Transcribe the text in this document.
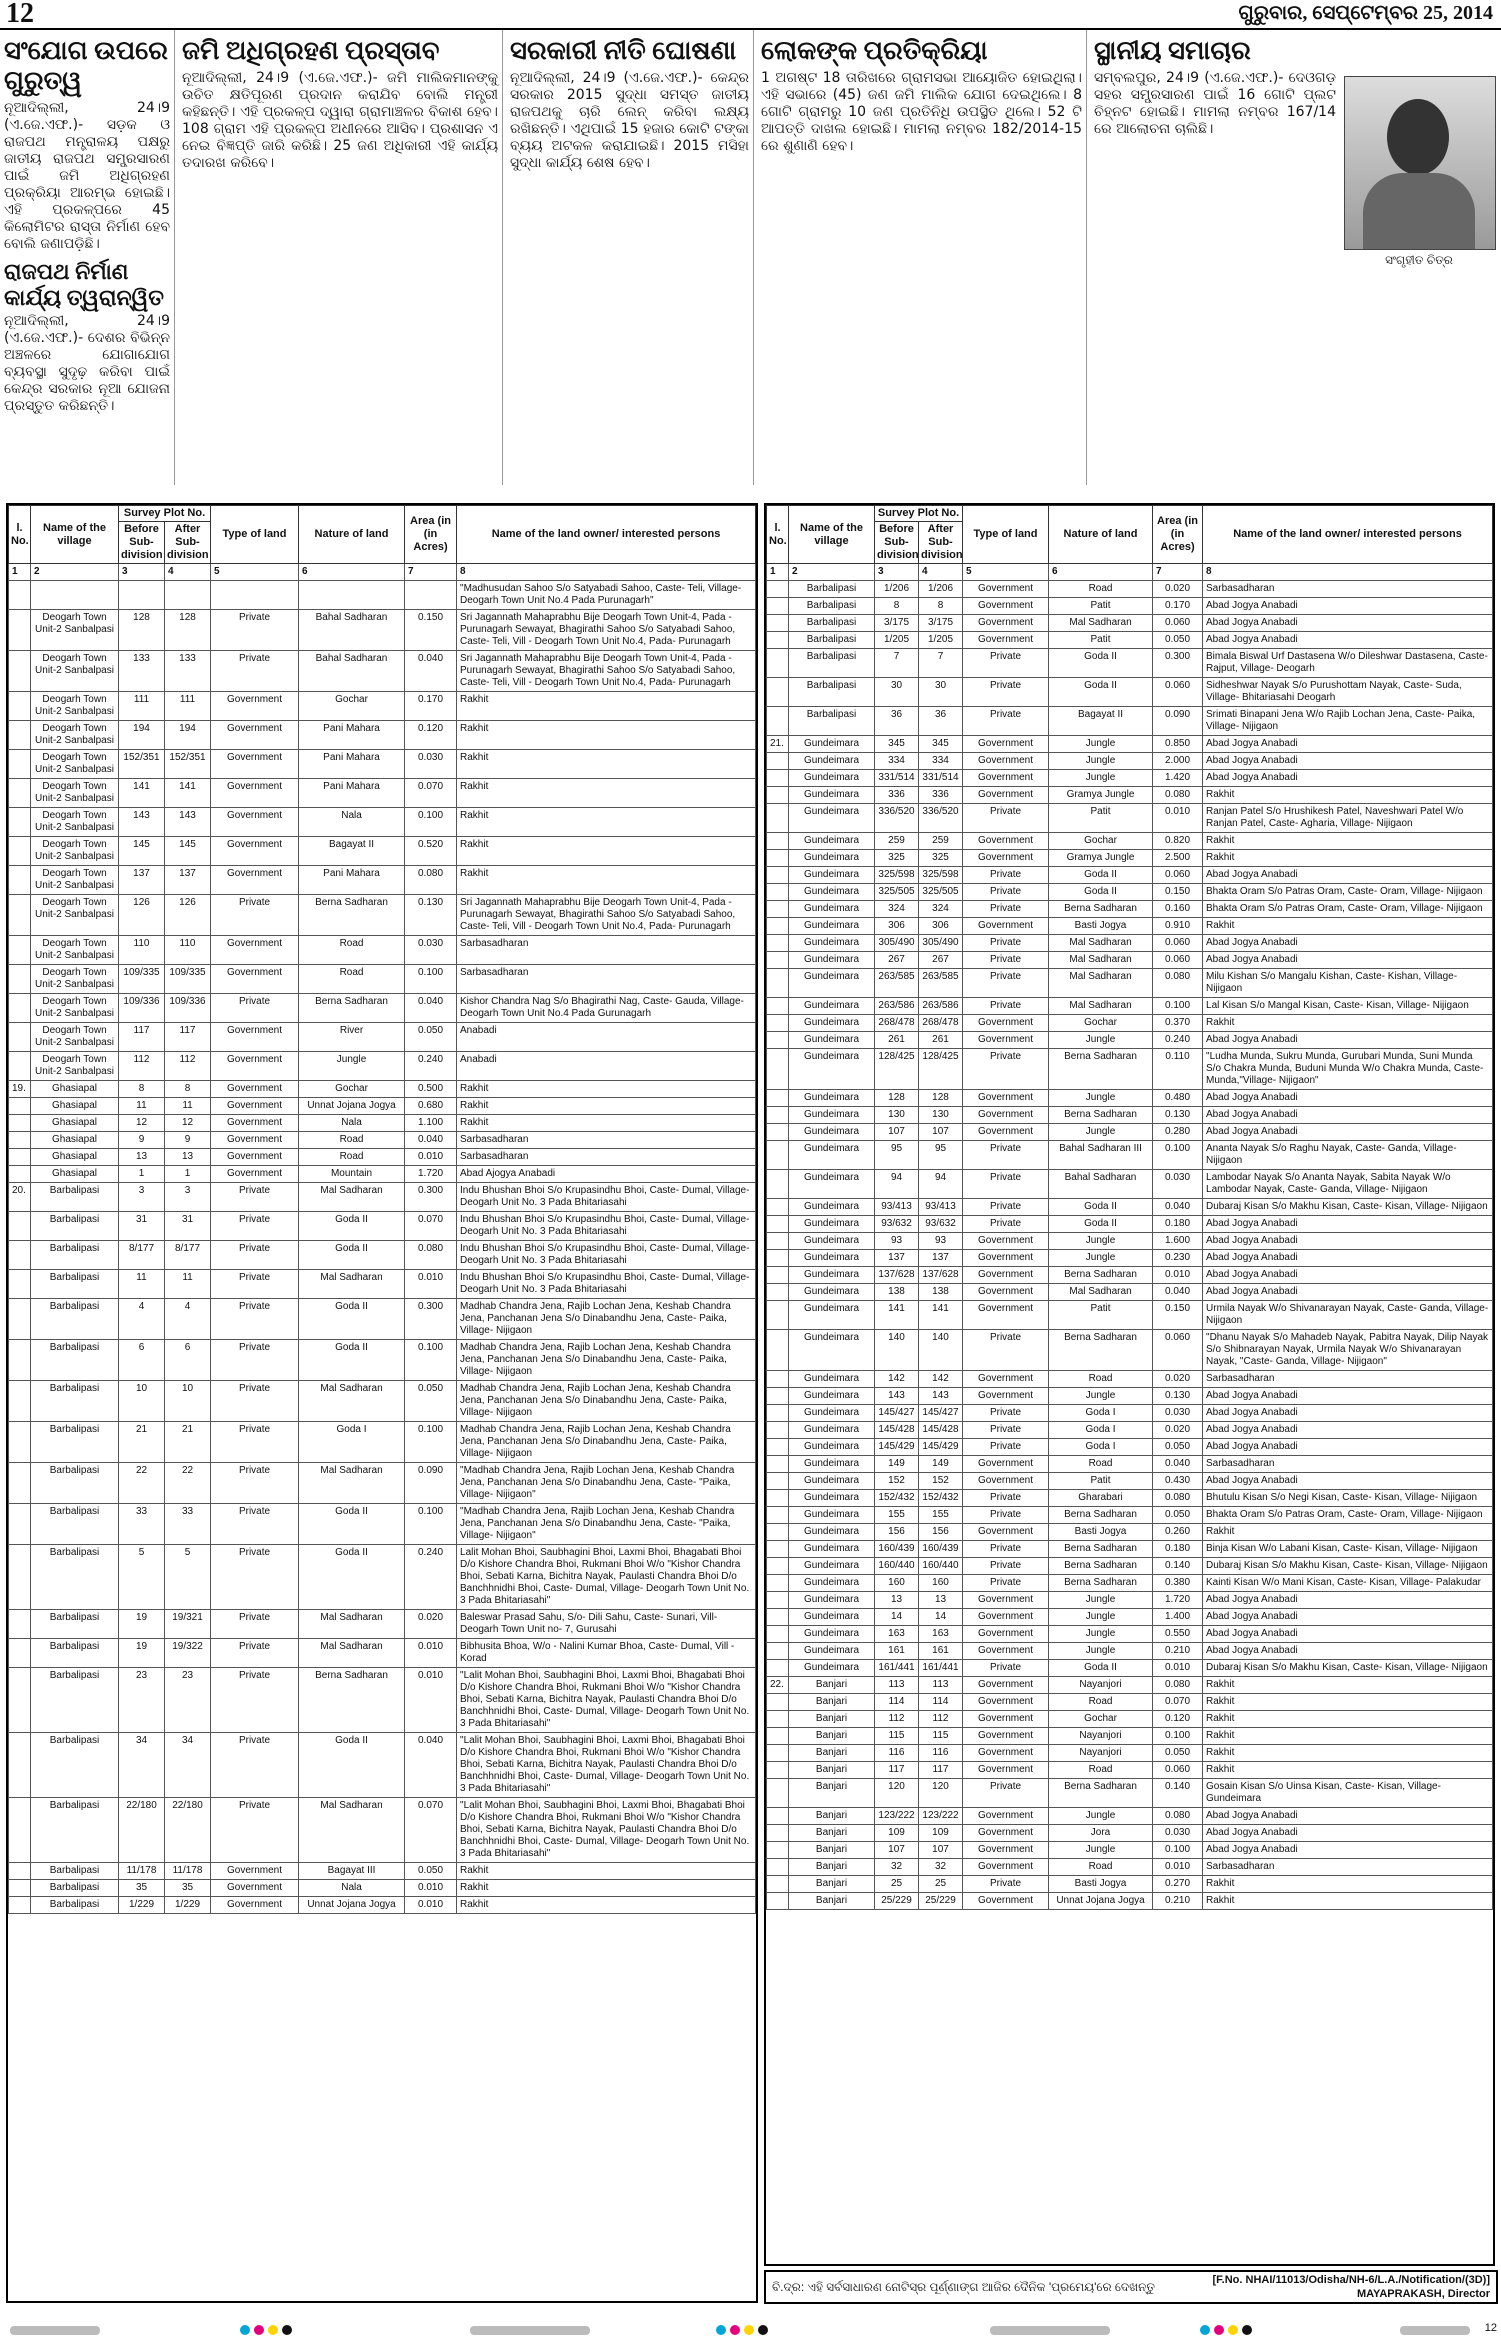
12	ଗୁରୁବାର, ସେପ୍ଟେମ୍ବର 25, 2014
ସଂଯୋଗ ଉପରେ ଗୁରୁତ୍ୱ

ନୂଆଦିଲ୍ଲୀ, 24।9 (ଏ.ଜେ.ଏଫ.)- ସଡ଼କ ଓ ରାଜପଥ ମନ୍ତ୍ରାଳୟ ପକ୍ଷରୁ ଜାତୀୟ ରାଜପଥ ସମ୍ପ୍ରସାରଣ ପାଇଁ ଜମି ଅଧିଗ୍ରହଣ ପ୍ରକ୍ରିୟା ଆରମ୍ଭ ହୋଇଛି। ଏହି ପ୍ରକଳ୍ପରେ 45 କିଲୋମିଟର ରାସ୍ତା ନିର୍ମାଣ ହେବ ବୋଲି ଜଣାପଡ଼ିଛି।

ରାଜପଥ ନିର୍ମାଣ କାର୍ଯ୍ୟ ତ୍ୱରାନ୍ୱିତ

ନୂଆଦିଲ୍ଲୀ, 24।9 (ଏ.ଜେ.ଏଫ.)- ଦେଶର ବିଭିନ୍ନ ଅଞ୍ଚଳରେ ଯୋଗାଯୋଗ ବ୍ୟବସ୍ଥା ସୁଦୃଢ଼ କରିବା ପାଇଁ କେନ୍ଦ୍ର ସରକାର ନୂଆ ଯୋଜନା ପ୍ରସ୍ତୁତ କରିଛନ୍ତି।

ଜମି ଅଧିଗ୍ରହଣ ପ୍ରସ୍ତାବ

ନୂଆଦିଲ୍ଲୀ, 24।9 (ଏ.ଜେ.ଏଫ.)- ଜମି ମାଲିକମାନଙ୍କୁ ଉଚିତ କ୍ଷତିପୂରଣ ପ୍ରଦାନ କରାଯିବ ବୋଲି ମନ୍ତ୍ରୀ କହିଛନ୍ତି। ଏହି ପ୍ରକଳ୍ପ ଦ୍ୱାରା ଗ୍ରାମାଞ୍ଚଳର ବିକାଶ ହେବ। 108 ଗ୍ରାମ ଏହି ପ୍ରକଳ୍ପ ଅଧୀନରେ ଆସିବ। ପ୍ରଶାସନ ଏ ନେଇ ବିଜ୍ଞପ୍ତି ଜାରି କରିଛି। 25 ଜଣ ଅଧିକାରୀ ଏହି କାର୍ଯ୍ୟ ତଦାରଖ କରିବେ।

ସରକାରୀ ନୀତି ଘୋଷଣା

ନୂଆଦିଲ୍ଲୀ, 24।9 (ଏ.ଜେ.ଏଫ.)- କେନ୍ଦ୍ର ସରକାର 2015 ସୁଦ୍ଧା ସମସ୍ତ ଜାତୀୟ ରାଜପଥକୁ ଚାରି ଲେନ୍ କରିବା ଲକ୍ଷ୍ୟ ରଖିଛନ୍ତି। ଏଥିପାଇଁ 15 ହଜାର କୋଟି ଟଙ୍କା ବ୍ୟୟ ଅଟକଳ କରାଯାଇଛି। 2015 ମସିହା ସୁଦ୍ଧା କାର୍ଯ୍ୟ ଶେଷ ହେବ।

ଲୋକଙ୍କ ପ୍ରତିକ୍ରିୟା

1 ଅଗଷ୍ଟ 18 ତାରିଖରେ ଗ୍ରାମସଭା ଆୟୋଜିତ ହୋଇଥିଲା। ଏହି ସଭାରେ (45) ଜଣ ଜମି ମାଲିକ ଯୋଗ ଦେଇଥିଲେ। 8 ଗୋଟି ଗ୍ରାମରୁ 10 ଜଣ ପ୍ରତିନିଧି ଉପସ୍ଥିତ ଥିଲେ। 52 ଟି ଆପତ୍ତି ଦାଖଲ ହୋଇଛି। ମାମଲା ନମ୍ବର 182/2014-15 ରେ ଶୁଣାଣି ହେବ।

ସ୍ଥାନୀୟ ସମାଚାର

ସମ୍ବଲପୁର, 24।9 (ଏ.ଜେ.ଏଫ.)- ଦେଓଗଡ଼ ସହର ସମ୍ପ୍ରସାରଣ ପାଇଁ 16 ଗୋଟି ପ୍ଲଟ ଚିହ୍ନଟ ହୋଇଛି। ମାମଲା ନମ୍ବର 167/14 ରେ ଆଲୋଚନା ଚାଲିଛି।

ସଂଗୃହୀତ ଚିତ୍ର
l. No.	Name of the village	Survey Plot No.		Type of land	Nature of land	Area (in (in Acres)	Name of the land owner/ interested persons
		Before Sub-division	After Sub-division				
1	2	3	4	5	6	7	8
							"Madhusudan Sahoo S/o Satyabadi Sahoo, Caste- Teli, Village- Deogarh Town Unit No.4 Pada Purunagarh"
	Deogarh Town Unit-2 Sanbalpasi	128	128	Private	Bahal Sadharan	0.150	Sri Jagannath Mahaprabhu Bije Deogarh Town Unit-4, Pada - Purunagarh Sewayat, Bhagirathi Sahoo S/o Satyabadi Sahoo, Caste- Teli, Vill - Deogarh Town Unit No.4, Pada- Purunagarh
	Deogarh Town Unit-2 Sanbalpasi	133	133	Private	Bahal Sadharan	0.040	Sri Jagannath Mahaprabhu Bije Deogarh Town Unit-4, Pada - Purunagarh Sewayat, Bhagirathi Sahoo S/o Satyabadi Sahoo, Caste- Teli, Vill - Deogarh Town Unit No.4, Pada- Purunagarh
	Deogarh Town Unit-2 Sanbalpasi	111	111	Government	Gochar	0.170	Rakhit
	Deogarh Town Unit-2 Sanbalpasi	194	194	Government	Pani Mahara	0.120	Rakhit
	Deogarh Town Unit-2 Sanbalpasi	152/351	152/351	Government	Pani Mahara	0.030	Rakhit
	Deogarh Town Unit-2 Sanbalpasi	141	141	Government	Pani Mahara	0.070	Rakhit
	Deogarh Town Unit-2 Sanbalpasi	143	143	Government	Nala	0.100	Rakhit
	Deogarh Town Unit-2 Sanbalpasi	145	145	Government	Bagayat II	0.520	Rakhit
	Deogarh Town Unit-2 Sanbalpasi	137	137	Government	Pani Mahara	0.080	Rakhit
	Deogarh Town Unit-2 Sanbalpasi	126	126	Private	Berna Sadharan	0.130	Sri Jagannath Mahaprabhu Bije Deogarh Town Unit-4, Pada - Purunagarh Sewayat, Bhagirathi Sahoo S/o Satyabadi Sahoo, Caste- Teli, Vill - Deogarh Town Unit No.4, Pada- Purunagarh
	Deogarh Town Unit-2 Sanbalpasi	110	110	Government	Road	0.030	Sarbasadharan
	Deogarh Town Unit-2 Sanbalpasi	109/335	109/335	Government	Road	0.100	Sarbasadharan
	Deogarh Town Unit-2 Sanbalpasi	109/336	109/336	Private	Berna Sadharan	0.040	Kishor Chandra Nag S/o Bhagirathi Nag, Caste- Gauda, Village- Deogarh Town Unit No.4 Pada Gurunagarh
	Deogarh Town Unit-2 Sanbalpasi	117	117	Government	River	0.050	Anabadi
	Deogarh Town Unit-2 Sanbalpasi	112	112	Government	Jungle	0.240	Anabadi
19.	Ghasiapal	8	8	Government	Gochar	0.500	Rakhit
	Ghasiapal	11	11	Government	Unnat Jojana Jogya	0.680	Rakhit
	Ghasiapal	12	12	Government	Nala	1.100	Rakhit
	Ghasiapal	9	9	Government	Road	0.040	Sarbasadharan
	Ghasiapal	13	13	Government	Road	0.010	Sarbasadharan
	Ghasiapal	1	1	Government	Mountain	1.720	Abad Ajogya Anabadi
20.	Barbalipasi	3	3	Private	Mal Sadharan	0.300	Indu Bhushan Bhoi S/o Krupasindhu Bhoi, Caste- Dumal, Village- Deogarh Unit No. 3 Pada Bhitariasahi
	Barbalipasi	31	31	Private	Goda II	0.070	Indu Bhushan Bhoi S/o Krupasindhu Bhoi, Caste- Dumal, Village- Deogarh Unit No. 3 Pada Bhitariasahi
	Barbalipasi	8/177	8/177	Private	Goda II	0.080	Indu Bhushan Bhoi S/o Krupasindhu Bhoi, Caste- Dumal, Village- Deogarh Unit No. 3 Pada Bhitariasahi
	Barbalipasi	11	11	Private	Mal Sadharan	0.010	Indu Bhushan Bhoi S/o Krupasindhu Bhoi, Caste- Dumal, Village- Deogarh Unit No. 3 Pada Bhitariasahi
	Barbalipasi	4	4	Private	Goda II	0.300	Madhab Chandra Jena, Rajib Lochan Jena, Keshab Chandra Jena, Panchanan Jena S/o Dinabandhu Jena, Caste- Paika, Village- Nijigaon
	Barbalipasi	6	6	Private	Goda II	0.100	Madhab Chandra Jena, Rajib Lochan Jena, Keshab Chandra Jena, Panchanan Jena S/o Dinabandhu Jena, Caste- Paika, Village- Nijigaon
	Barbalipasi	10	10	Private	Mal Sadharan	0.050	Madhab Chandra Jena, Rajib Lochan Jena, Keshab Chandra Jena, Panchanan Jena S/o Dinabandhu Jena, Caste- Paika, Village- Nijigaon
	Barbalipasi	21	21	Private	Goda I	0.100	Madhab Chandra Jena, Rajib Lochan Jena, Keshab Chandra Jena, Panchanan Jena S/o Dinabandhu Jena, Caste- Paika, Village- Nijigaon
	Barbalipasi	22	22	Private	Mal Sadharan	0.090	"Madhab Chandra Jena, Rajib Lochan Jena, Keshab Chandra Jena, Panchanan Jena S/o Dinabandhu Jena, Caste- "Paika, Village- Nijigaon"
	Barbalipasi	33	33	Private	Goda II	0.100	"Madhab Chandra Jena, Rajib Lochan Jena, Keshab Chandra Jena, Panchanan Jena S/o Dinabandhu Jena, Caste- "Paika, Village- Nijigaon"
	Barbalipasi	5	5	Private	Goda II	0.240	Lalit Mohan Bhoi, Saubhagini Bhoi, Laxmi Bhoi, Bhagabati Bhoi D/o Kishore Chandra Bhoi, Rukmani Bhoi W/o "Kishor Chandra Bhoi, Sebati Karna, Bichitra Nayak, Paulasti Chandra Bhoi D/o Banchhnidhi Bhoi, Caste- Dumal, Village- Deogarh Town Unit No. 3 Pada Bhitariasahi"
	Barbalipasi	19	19/321	Private	Mal Sadharan	0.020	Baleswar Prasad Sahu, S/o- Dili Sahu, Caste- Sunari, Vill- Deogarh Town Unit no- 7, Gurusahi
	Barbalipasi	19	19/322	Private	Mal Sadharan	0.010	Bibhusita Bhoa, W/o - Nalini Kumar Bhoa, Caste- Dumal, Vill - Korad
	Barbalipasi	23	23	Private	Berna Sadharan	0.010	"Lalit Mohan Bhoi, Saubhagini Bhoi, Laxmi Bhoi, Bhagabati Bhoi D/o Kishore Chandra Bhoi, Rukmani Bhoi W/o "Kishor Chandra Bhoi, Sebati Karna, Bichitra Nayak, Paulasti Chandra Bhoi D/o Banchhnidhi Bhoi, Caste- Dumal, Village- Deogarh Town Unit No. 3 Pada Bhitariasahi"
	Barbalipasi	34	34	Private	Goda II	0.040	"Lalit Mohan Bhoi, Saubhagini Bhoi, Laxmi Bhoi, Bhagabati Bhoi D/o Kishore Chandra Bhoi, Rukmani Bhoi W/o "Kishor Chandra Bhoi, Sebati Karna, Bichitra Nayak, Paulasti Chandra Bhoi D/o Banchhnidhi Bhoi, Caste- Dumal, Village- Deogarh Town Unit No. 3 Pada Bhitariasahi"
	Barbalipasi	22/180	22/180	Private	Mal Sadharan	0.070	"Lalit Mohan Bhoi, Saubhagini Bhoi, Laxmi Bhoi, Bhagabati Bhoi D/o Kishore Chandra Bhoi, Rukmani Bhoi W/o "Kishor Chandra Bhoi, Sebati Karna, Bichitra Nayak, Paulasti Chandra Bhoi D/o Banchhnidhi Bhoi, Caste- Dumal, Village- Deogarh Town Unit No. 3 Pada Bhitariasahi"
	Barbalipasi	11/178	11/178	Government	Bagayat III	0.050	Rakhit
	Barbalipasi	35	35	Government	Nala	0.010	Rakhit
	Barbalipasi	1/229	1/229	Government	Unnat Jojana Jogya	0.010	Rakhit
l. No.	Name of the village	Survey Plot No.		Type of land	Nature of land	Area (in (in Acres)	Name of the land owner/ interested persons
		Before Sub-division	After Sub-division				
1	2	3	4	5	6	7	8
	Barbalipasi	1/206	1/206	Government	Road	0.020	Sarbasadharan
	Barbalipasi	8	8	Government	Patit	0.170	Abad Jogya Anabadi
	Barbalipasi	3/175	3/175	Government	Mal Sadharan	0.060	Abad Jogya Anabadi
	Barbalipasi	1/205	1/205	Government	Patit	0.050	Abad Jogya Anabadi
	Barbalipasi	7	7	Private	Goda II	0.300	Bimala Biswal Urf Dastasena W/o Dileshwar Dastasena, Caste- Rajput, Village- Deogarh
	Barbalipasi	30	30	Private	Goda II	0.060	Sidheshwar Nayak S/o Purushottam Nayak, Caste- Suda, Village- Bhitariasahi Deogarh
	Barbalipasi	36	36	Private	Bagayat II	0.090	Srimati Binapani Jena W/o Rajib Lochan Jena, Caste- Paika, Village- Nijigaon
21.	Gundeimara	345	345	Government	Jungle	0.850	Abad Jogya Anabadi
	Gundeimara	334	334	Government	Jungle	2.000	Abad Jogya Anabadi
	Gundeimara	331/514	331/514	Government	Jungle	1.420	Abad Jogya Anabadi
	Gundeimara	336	336	Government	Gramya Jungle	0.080	Rakhit
	Gundeimara	336/520	336/520	Private	Patit	0.010	Ranjan Patel S/o Hrushikesh Patel, Naveshwari Patel W/o Ranjan Patel, Caste- Agharia, Village- Nijigaon
	Gundeimara	259	259	Government	Gochar	0.820	Rakhit
	Gundeimara	325	325	Government	Gramya Jungle	2.500	Rakhit
	Gundeimara	325/598	325/598	Private	Goda II	0.060	Abad Jogya Anabadi
	Gundeimara	325/505	325/505	Private	Goda II	0.150	Bhakta Oram S/o Patras Oram, Caste- Oram, Village- Nijigaon
	Gundeimara	324	324	Private	Berna Sadharan	0.160	Bhakta Oram S/o Patras Oram, Caste- Oram, Village- Nijigaon
	Gundeimara	306	306	Government	Basti Jogya	0.910	Rakhit
	Gundeimara	305/490	305/490	Private	Mal Sadharan	0.060	Abad Jogya Anabadi
	Gundeimara	267	267	Private	Mal Sadharan	0.060	Abad Jogya Anabadi
	Gundeimara	263/585	263/585	Private	Mal Sadharan	0.080	Milu Kishan S/o Mangalu Kishan, Caste- Kishan, Village- Nijigaon
	Gundeimara	263/586	263/586	Private	Mal Sadharan	0.100	Lal Kisan S/o Mangal Kisan, Caste- Kisan, Village- Nijigaon
	Gundeimara	268/478	268/478	Government	Gochar	0.370	Rakhit
	Gundeimara	261	261	Government	Jungle	0.240	Abad Jogya Anabadi
	Gundeimara	128/425	128/425	Private	Berna Sadharan	0.110	"Ludha Munda, Sukru Munda, Gurubari Munda, Suni Munda S/o Chakra Munda, Buduni Munda W/o Chakra Munda, Caste- Munda,"Village- Nijigaon"
	Gundeimara	128	128	Government	Jungle	0.480	Abad Jogya Anabadi
	Gundeimara	130	130	Government	Berna Sadharan	0.130	Abad Jogya Anabadi
	Gundeimara	107	107	Government	Jungle	0.280	Abad Jogya Anabadi
	Gundeimara	95	95	Private	Bahal Sadharan III	0.100	Ananta Nayak S/o Raghu Nayak, Caste- Ganda, Village- Nijigaon
	Gundeimara	94	94	Private	Bahal Sadharan	0.030	Lambodar Nayak S/o Ananta Nayak, Sabita Nayak W/o Lambodar Nayak, Caste- Ganda, Village- Nijigaon
	Gundeimara	93/413	93/413	Private	Goda II	0.040	Dubaraj Kisan S/o Makhu Kisan, Caste- Kisan, Village- Nijigaon
	Gundeimara	93/632	93/632	Private	Goda II	0.180	Abad Jogya Anabadi
	Gundeimara	93	93	Government	Jungle	1.600	Abad Jogya Anabadi
	Gundeimara	137	137	Government	Jungle	0.230	Abad Jogya Anabadi
	Gundeimara	137/628	137/628	Government	Berna Sadharan	0.010	Abad Jogya Anabadi
	Gundeimara	138	138	Government	Mal Sadharan	0.040	Abad Jogya Anabadi
	Gundeimara	141	141	Government	Patit	0.150	Urmila Nayak W/o Shivanarayan Nayak, Caste- Ganda, Village- Nijigaon
	Gundeimara	140	140	Private	Berna Sadharan	0.060	"Dhanu Nayak S/o Mahadeb Nayak, Pabitra Nayak, Dilip Nayak S/o Shibnarayan Nayak, Urmila Nayak W/o Shivanarayan Nayak, "Caste- Ganda, Village- Nijigaon"
	Gundeimara	142	142	Government	Road	0.020	Sarbasadharan
	Gundeimara	143	143	Government	Jungle	0.130	Abad Jogya Anabadi
	Gundeimara	145/427	145/427	Private	Goda I	0.030	Abad Jogya Anabadi
	Gundeimara	145/428	145/428	Private	Goda I	0.020	Abad Jogya Anabadi
	Gundeimara	145/429	145/429	Private	Goda I	0.050	Abad Jogya Anabadi
	Gundeimara	149	149	Government	Road	0.040	Sarbasadharan
	Gundeimara	152	152	Government	Patit	0.430	Abad Jogya Anabadi
	Gundeimara	152/432	152/432	Private	Gharabari	0.080	Bhutulu Kisan S/o Negi Kisan, Caste- Kisan, Village- Nijigaon
	Gundeimara	155	155	Private	Berna Sadharan	0.050	Bhakta Oram S/o Patras Oram, Caste- Oram, Village- Nijigaon
	Gundeimara	156	156	Government	Basti Jogya	0.260	Rakhit
	Gundeimara	160/439	160/439	Private	Berna Sadharan	0.180	Binja Kisan W/o Labani Kisan, Caste- Kisan, Village- Nijigaon
	Gundeimara	160/440	160/440	Private	Berna Sadharan	0.140	Dubaraj Kisan S/o Makhu Kisan, Caste- Kisan, Village- Nijigaon
	Gundeimara	160	160	Private	Berna Sadharan	0.380	Kainti Kisan W/o Mani Kisan, Caste- Kisan, Village- Palakudar
	Gundeimara	13	13	Government	Jungle	1.720	Abad Jogya Anabadi
	Gundeimara	14	14	Government	Jungle	1.400	Abad Jogya Anabadi
	Gundeimara	163	163	Government	Jungle	0.550	Abad Jogya Anabadi
	Gundeimara	161	161	Government	Jungle	0.210	Abad Jogya Anabadi
	Gundeimara	161/441	161/441	Private	Goda II	0.010	Dubaraj Kisan S/o Makhu Kisan, Caste- Kisan, Village- Nijigaon
22.	Banjari	113	113	Government	Nayanjori	0.080	Rakhit
	Banjari	114	114	Government	Road	0.070	Rakhit
	Banjari	112	112	Government	Gochar	0.120	Rakhit
	Banjari	115	115	Government	Nayanjori	0.100	Rakhit
	Banjari	116	116	Government	Nayanjori	0.050	Rakhit
	Banjari	117	117	Government	Road	0.060	Rakhit
	Banjari	120	120	Private	Berna Sadharan	0.140	Gosain Kisan S/o Uinsa Kisan, Caste- Kisan, Village- Gundeimara
	Banjari	123/222	123/222	Government	Jungle	0.080	Abad Jogya Anabadi
	Banjari	109	109	Government	Jora	0.030	Abad Jogya Anabadi
	Banjari	107	107	Government	Jungle	0.100	Abad Jogya Anabadi
	Banjari	32	32	Government	Road	0.010	Sarbasadharan
	Banjari	25	25	Private	Basti Jogya	0.270	Rakhit
	Banjari	25/229	25/229	Government	Unnat Jojana Jogya	0.210	Rakhit
ବି.ଦ୍ର: ଏହି ସର୍ବସାଧାରଣ ନୋଟିସ୍‌ର ପୂର୍ଣ୍ଣାଙ୍ଗ ଆଜିର ଦୈନିକ 'ପ୍ରମେୟ'ରେ ଦେଖନ୍ତୁ	[F.No. NHAI/11013/Odisha/NH-6/L.A./Notification/(3D)]
MAYAPRAKASH, Director
12
